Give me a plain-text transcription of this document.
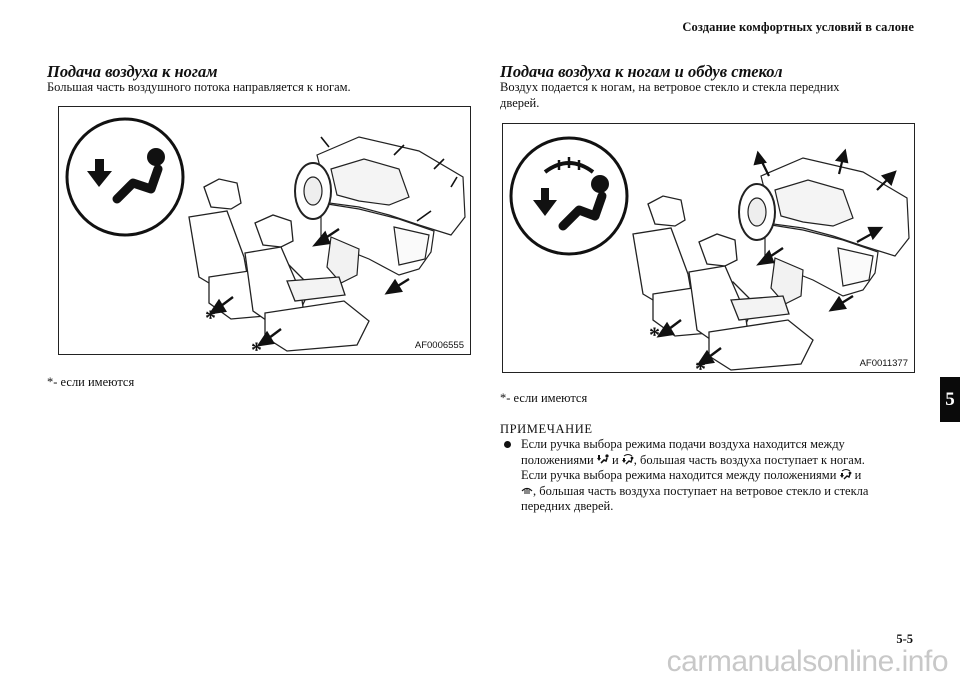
Создание комфортных условий в салоне
Подача воздуха к ногам
Большая часть воздушного потока направляется к ногам.
*
*	AF0006555
*- если имеются
Подача воздуха к ногам и обдув стекол
Воздух подается к ногам, на ветровое стекло и стекла передних
дверей.
*
*	AF0011377
*- если имеются
ПРИМЕЧАНИЕ
Если ручка выбора режима подачи воздуха находится между
положениями и , большая часть воздуха поступает к ногам.
Если ручка выбора режима находится между положениями и
, большая часть воздуха поступает на ветровое стекло и стекла
передних дверей.
5
5-5
carmanualsonline.info
